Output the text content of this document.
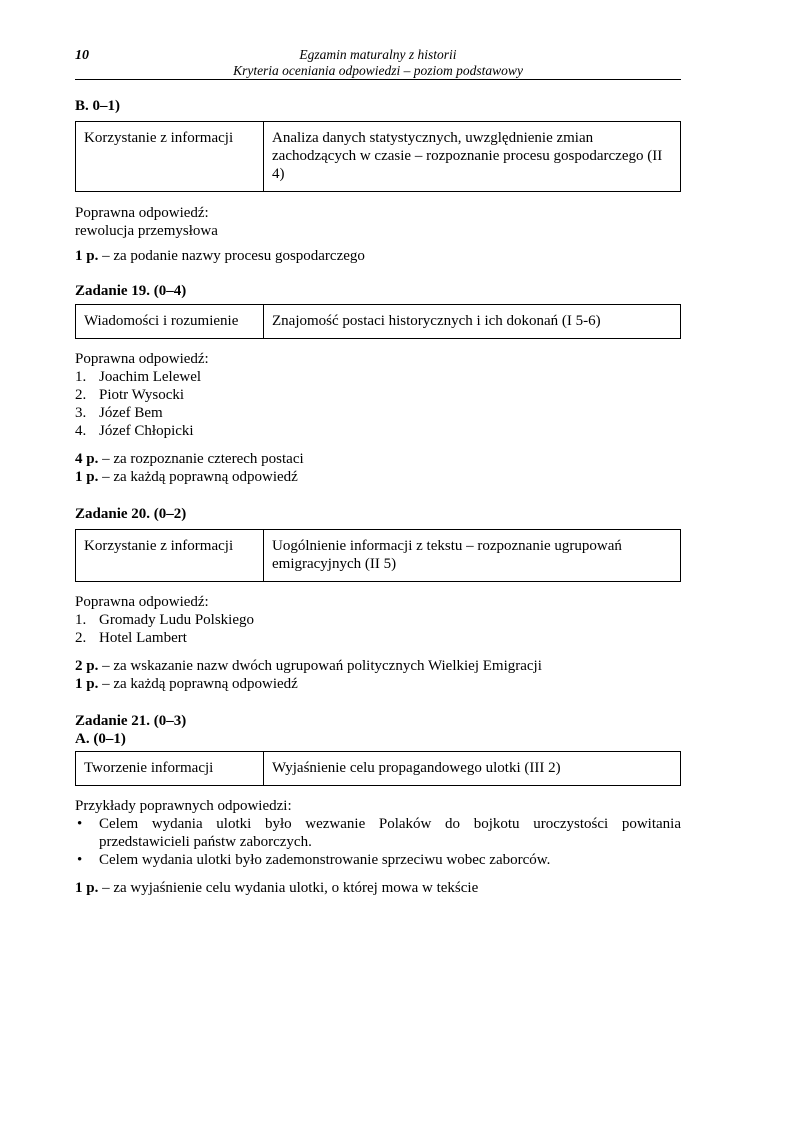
10	Egzamin maturalny z historii
Kryteria oceniania odpowiedzi – poziom podstawowy

B. 0–1)

Korzystanie z informacji	Analiza danych statystycznych, uwzględnienie zmian zachodzących w czasie – rozpoznanie procesu gospodarczego (II 4)

Poprawna odpowiedź:

rewolucja przemysłowa

1 p. – za podanie nazwy procesu gospodarczego

Zadanie 19. (0–4)

Wiadomości i rozumienie	Znajomość postaci historycznych i ich dokonań (I 5-6)

Poprawna odpowiedź:

1. Joachim Lelewel
2. Piotr Wysocki
3. Józef Bem
4. Józef Chłopicki

4 p. – za rozpoznanie czterech postaci

1 p. – za każdą poprawną odpowiedź

Zadanie 20. (0–2)

Korzystanie z informacji	Uogólnienie informacji z tekstu – rozpoznanie ugrupowań emigracyjnych (II 5)

Poprawna odpowiedź:

1. Gromady Ludu Polskiego
2. Hotel Lambert

2 p. – za wskazanie nazw dwóch ugrupowań politycznych Wielkiej Emigracji

1 p. – za każdą poprawną odpowiedź

Zadanie 21. (0–3)

A. (0–1)

Tworzenie informacji	Wyjaśnienie celu propagandowego ulotki (III 2)

Przykłady poprawnych odpowiedzi:

• Celem wydania ulotki było wezwanie Polaków do bojkotu uroczystości powitania przedstawicieli państw zaborczych.
• Celem wydania ulotki było zademonstrowanie sprzeciwu wobec zaborców.

1 p. – za wyjaśnienie celu wydania ulotki, o której mowa w tekście
